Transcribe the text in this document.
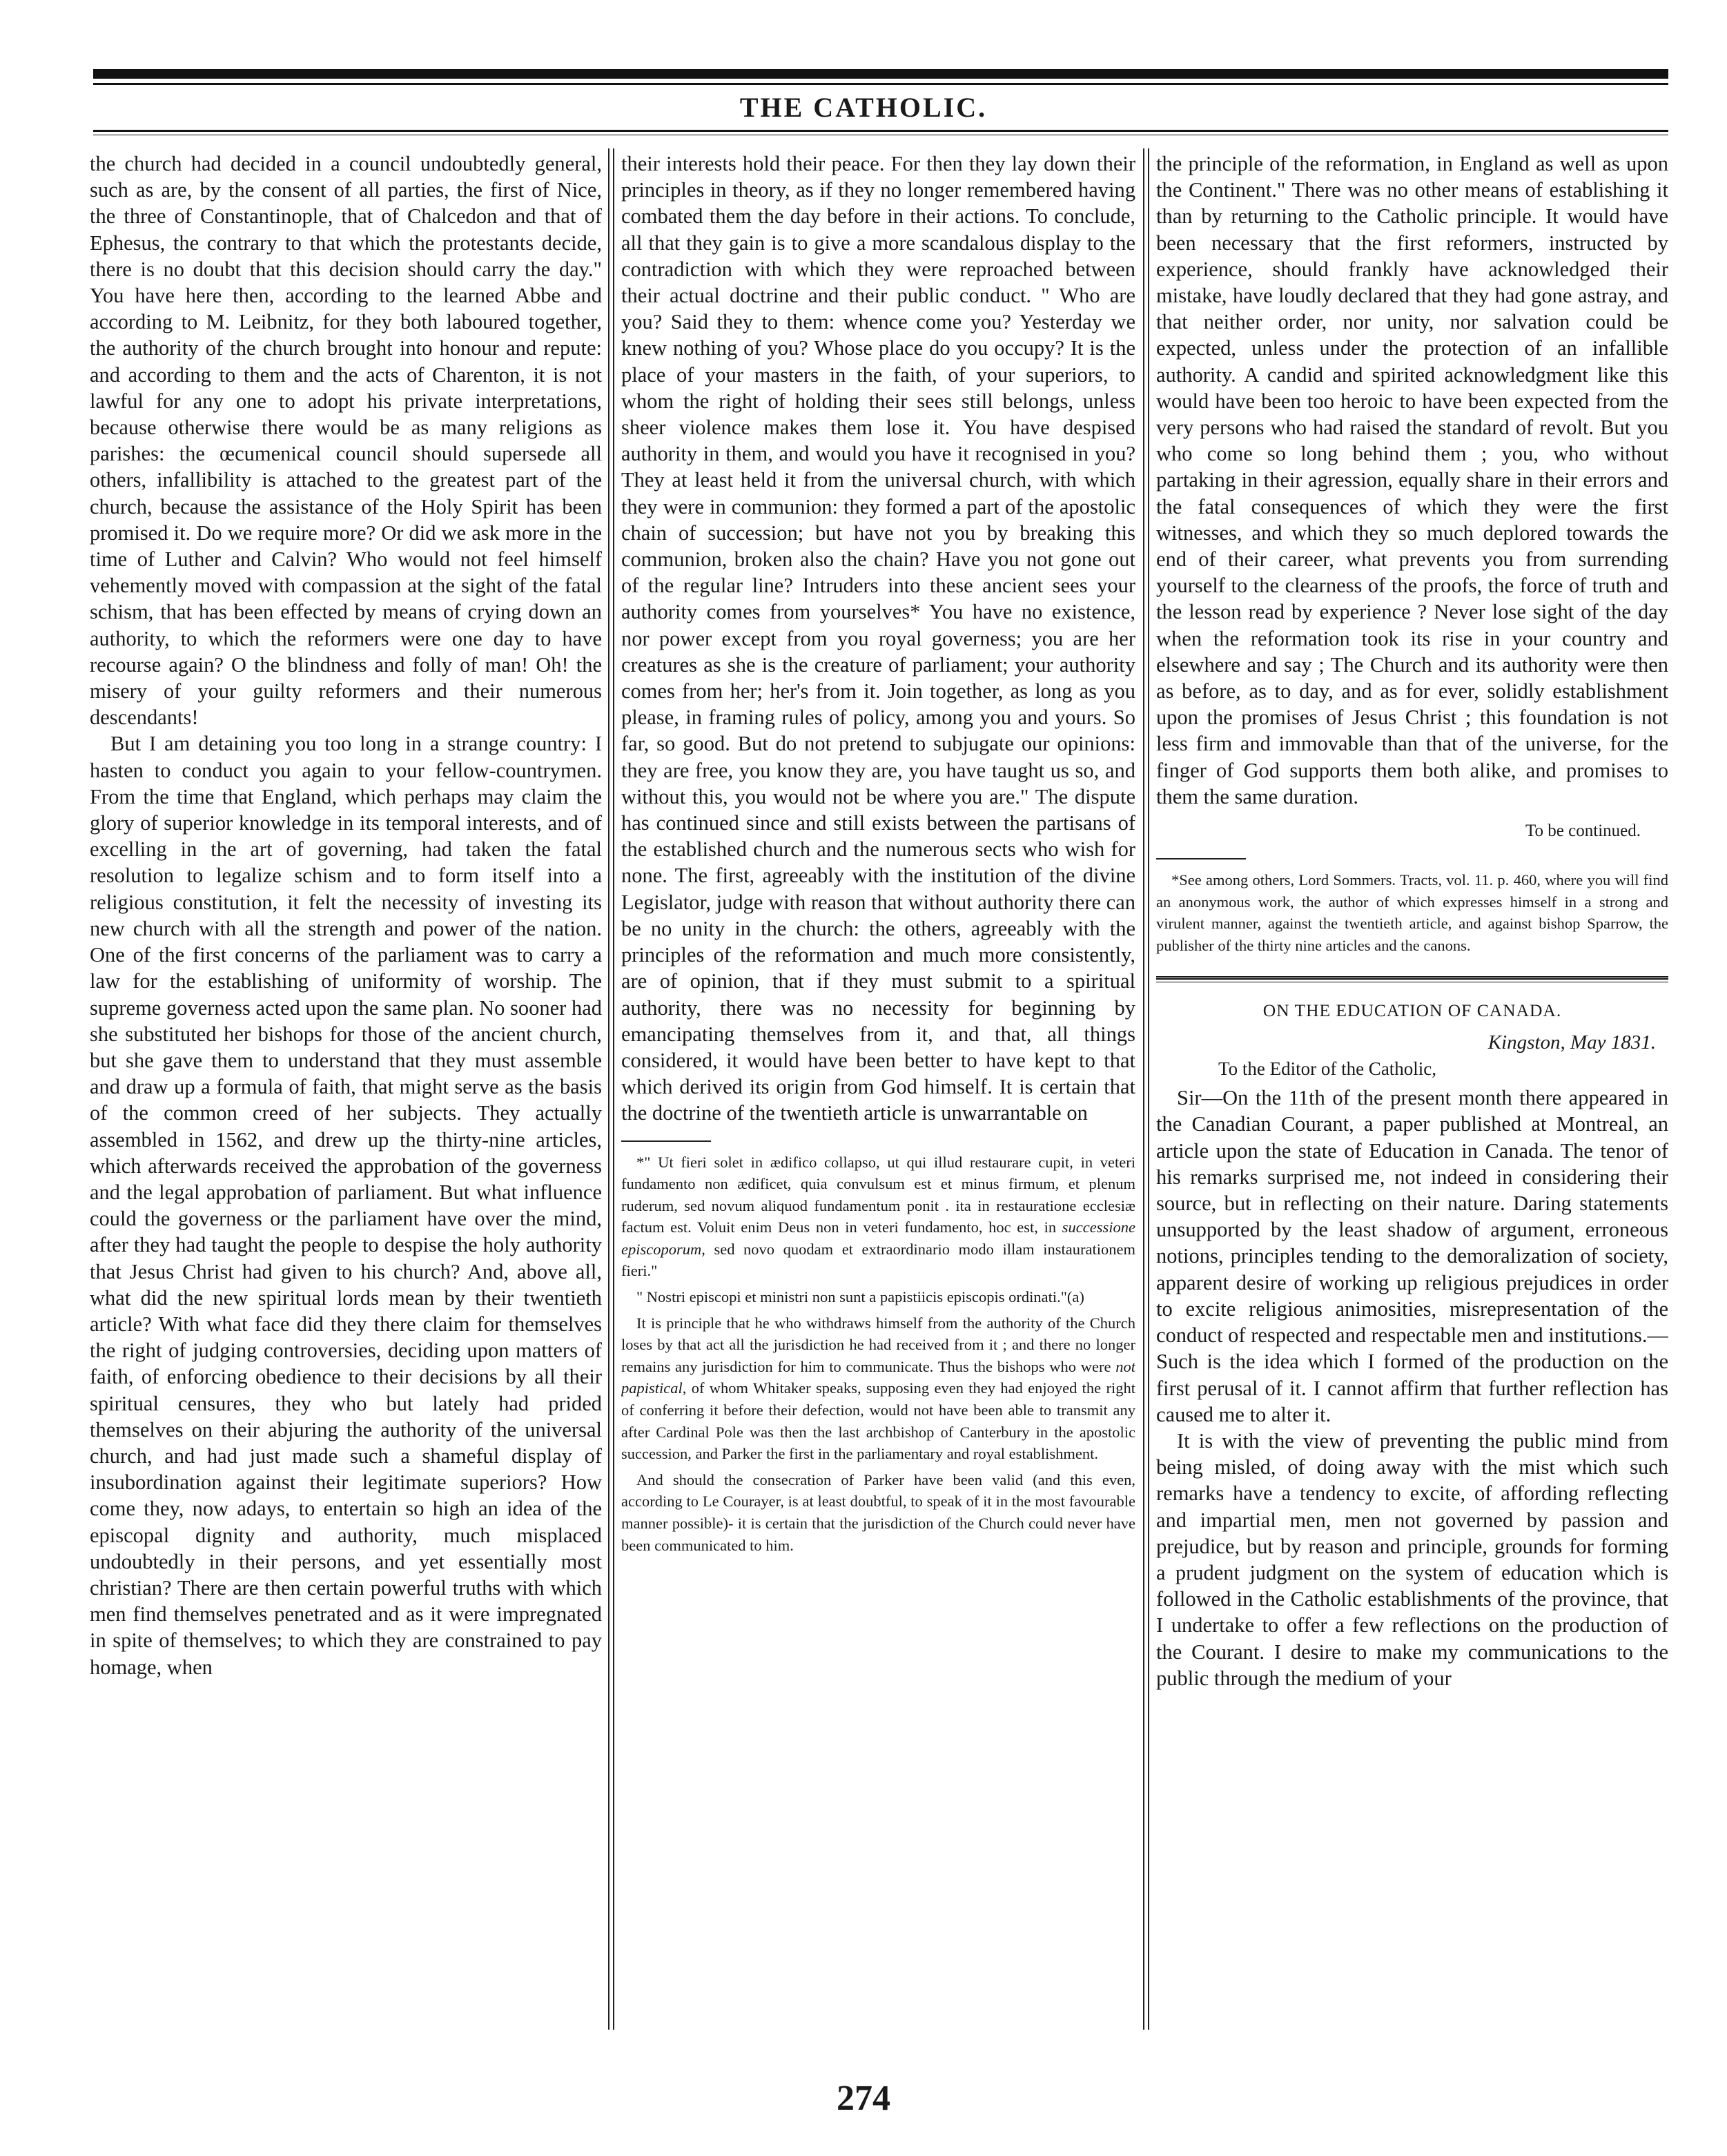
THE CATHOLIC.

the church had decided in a council undoubtedly general, such as are, by the consent of all parties, the first of Nice, the three of Constantinople, that of Chalcedon and that of Ephesus, the contrary to that which the protestants decide, there is no doubt that this decision should carry the day." You have here then, according to the learned Abbe and according to M. Leibnitz, for they both laboured together, the authority of the church brought into honour and repute: and according to them and the acts of Charenton, it is not lawful for any one to adopt his private interpretations, because otherwise there would be as many religions as parishes: the œcumenical council should supersede all others, infallibility is attached to the greatest part of the church, because the assistance of the Holy Spirit has been promised it. Do we require more? Or did we ask more in the time of Luther and Calvin? Who would not feel himself vehemently moved with compassion at the sight of the fatal schism, that has been effected by means of crying down an authority, to which the reformers were one day to have recourse again? O the blindness and folly of man! Oh! the misery of your guilty reformers and their numerous descendants!

But I am detaining you too long in a strange country: I hasten to conduct you again to your fellow-countrymen. From the time that England, which perhaps may claim the glory of superior knowledge in its temporal interests, and of excelling in the art of governing, had taken the fatal resolution to legalize schism and to form itself into a religious constitution, it felt the necessity of investing its new church with all the strength and power of the nation. One of the first concerns of the parliament was to carry a law for the establishing of uniformity of worship. The supreme governess acted upon the same plan. No sooner had she substituted her bishops for those of the ancient church, but she gave them to understand that they must assemble and draw up a formula of faith, that might serve as the basis of the common creed of her subjects. They actually assembled in 1562, and drew up the thirty-nine articles, which afterwards received the approbation of the governess and the legal approbation of parliament. But what influence could the governess or the parliament have over the mind, after they had taught the people to despise the holy authority that Jesus Christ had given to his church? And, above all, what did the new spiritual lords mean by their twentieth article? With what face did they there claim for themselves the right of judging controversies, deciding upon matters of faith, of enforcing obedience to their decisions by all their spiritual censures, they who but lately had prided themselves on their abjuring the authority of the universal church, and had just made such a shameful display of insubordination against their legitimate superiors? How come they, now adays, to entertain so high an idea of the episcopal dignity and authority, much misplaced undoubtedly in their persons, and yet essentially most christian? There are then certain powerful truths with which men find themselves penetrated and as it were impregnated in spite of themselves; to which they are constrained to pay homage, when

their interests hold their peace. For then they lay down their principles in theory, as if they no longer remembered having combated them the day before in their actions. To conclude, all that they gain is to give a more scandalous display to the contradiction with which they were reproached between their actual doctrine and their public conduct. " Who are you? Said they to them: whence come you? Yesterday we knew nothing of you? Whose place do you occupy? It is the place of your masters in the faith, of your superiors, to whom the right of holding their sees still belongs, unless sheer violence makes them lose it. You have despised authority in them, and would you have it recognised in you? They at least held it from the universal church, with which they were in communion: they formed a part of the apostolic chain of succession; but have not you by breaking this communion, broken also the chain? Have you not gone out of the regular line? Intruders into these ancient sees your authority comes from yourselves* You have no existence, nor power except from you royal governess; you are her creatures as she is the creature of parliament; your authority comes from her; her's from it. Join together, as long as you please, in framing rules of policy, among you and yours. So far, so good. But do not pretend to subjugate our opinions: they are free, you know they are, you have taught us so, and without this, you would not be where you are." The dispute has continued since and still exists between the partisans of the established church and the numerous sects who wish for none. The first, agreeably with the institution of the divine Legislator, judge with reason that without authority there can be no unity in the church: the others, agreeably with the principles of the reformation and much more consistently, are of opinion, that if they must submit to a spiritual authority, there was no necessity for beginning by emancipating themselves from it, and that, all things considered, it would have been better to have kept to that which derived its origin from God himself. It is certain that the doctrine of the twentieth article is unwarrantable on

*" Ut fieri solet in ædifico collapso, ut qui illud restaurare cupit, in veteri fundamento non ædificet, quia convulsum est et minus firmum, et plenum ruderum, sed novum aliquod fundamentum ponit . ita in restaurationе ecclesiæ factum est. Voluit enim Deus non in veteri fundamento, hoc est, in successione episcoporum, sed novo quodam et extraordinario modo illam instaurationem fieri."

" Nostri episcopi et ministri non sunt a papistiicis episcopis ordinati."(a)

It is principle that he who withdraws himself from the authority of the Church loses by that act all the jurisdiction he had received from it ; and there no longer remains any jurisdiction for him to communicate. Thus the bishops who were not papistical, of whom Whitaker speaks, supposing even they had enjoyed the right of conferring it before their defection, would not have been able to transmit any after Cardinal Pole was then the last archbishop of Canterbury in the apostolic succession, and Parker the first in the parliamentary and royal establishment.

And should the consecration of Parker have been valid (and this even, according to Le Courayer, is at least doubtful, to speak of it in the most favourable manner possible)- it is certain that the jurisdiction of the Church could never have been communicated to him.

the principle of the reformation, in England as well as upon the Continent." There was no other means of establishing it than by returning to the Catholic principle. It would have been necessary that the first reformers, instructed by experience, should frankly have acknowledged their mistake, have loudly declared that they had gone astray, and that neither order, nor unity, nor salvation could be expected, unless under the protection of an infallible authority. A candid and spirited acknowledgment like this would have been too heroic to have been expected from the very persons who had raised the standard of revolt. But you who come so long behind them ; you, who without partaking in their agression, equally share in their errors and the fatal consequences of which they were the first witnesses, and which they so much deplored towards the end of their career, what prevents you from surrending yourself to the clearness of the proofs, the force of truth and the lesson read by experience ? Never lose sight of the day when the reformation took its rise in your country and elsewhere and say ; The Church and its authority were then as before, as to day, and as for ever, solidly establishment upon the promises of Jesus Christ ; this foundation is not less firm and immovable than that of the universe, for the finger of God supports them both alike, and promises to them the same duration.

To be continued.

*See among others, Lord Sommers. Tracts, vol. 11. p. 460, where you will find an anonymous work, the author of which expresses himself in a strong and virulent manner, against the twentieth article, and against bishop Sparrow, the publisher of the thirty nine articles and the canons.

ON THE EDUCATION OF CANADA.

Kingston, May 1831.

To the Editor of the Catholic,

Sir—On the 11th of the present month there appeared in the Canadian Courant, a paper published at Montreal, an article upon the state of Education in Canada. The tenor of his remarks surprised me, not indeed in considering their source, but in reflecting on their nature. Daring statements unsupported by the least shadow of argument, erroneous notions, principles tending to the demoralization of society, apparent desire of working up religious prejudices in order to excite religious animosities, misrepresentation of the conduct of respected and respectable men and institutions.— Such is the idea which I formed of the production on the first perusal of it. I cannot affirm that further reflection has caused me to alter it.

It is with the view of preventing the public mind from being misled, of doing away with the mist which such remarks have a tendency to excite, of affording reflecting and impartial men, men not governed by passion and prejudice, but by reason and principle, grounds for forming a prudent judgment on the system of education which is followed in the Catholic establishments of the province, that I undertake to offer a few reflections on the production of the Courant. I desire to make my communications to the public through the medium of your

274
